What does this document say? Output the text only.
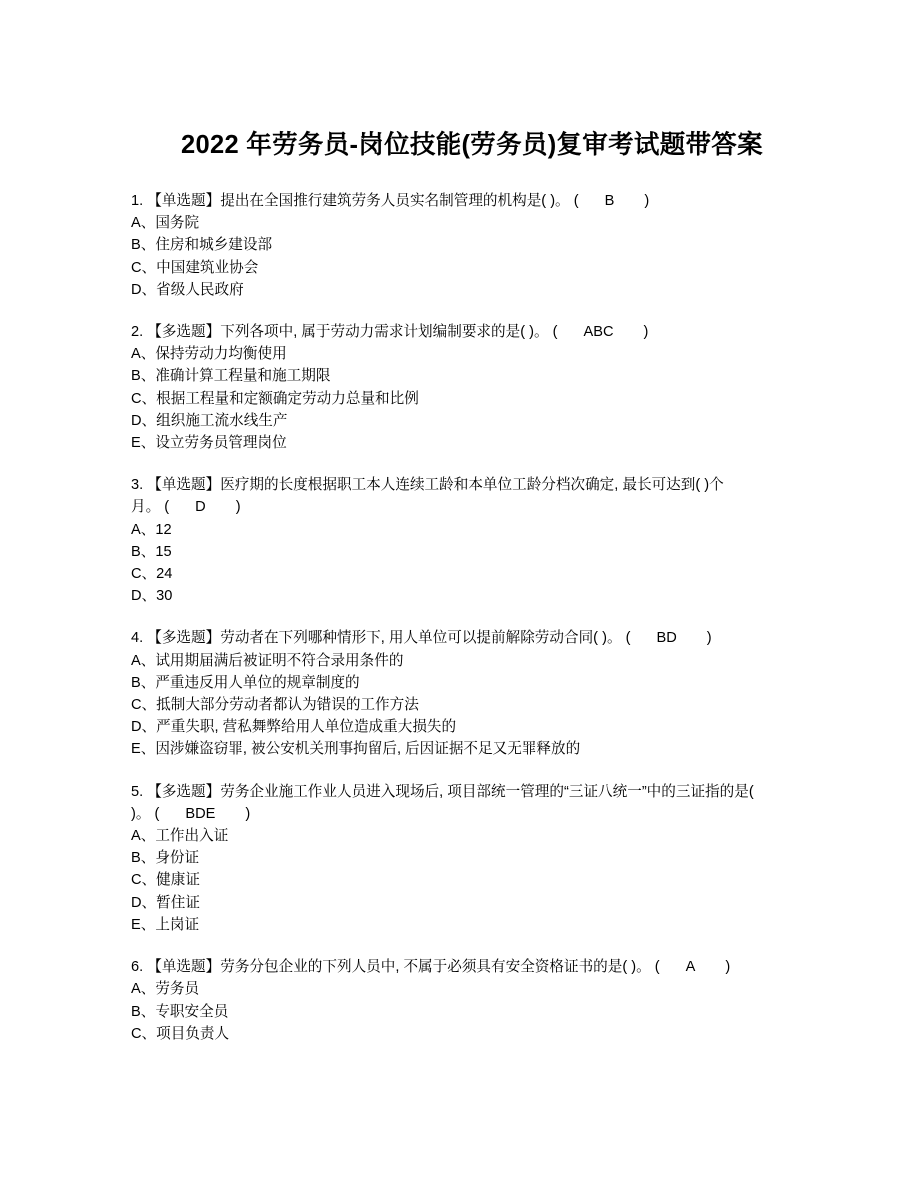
2022 年劳务员-岗位技能(劳务员)复审考试题带答案
1. 【单选题】提出在全国推行建筑劳务人员实名制管理的机构是( )。 ( B )
A、国务院
B、住房和城乡建设部
C、中国建筑业协会
D、省级人民政府
2. 【多选题】下列各项中, 属于劳动力需求计划编制要求的是( )。 ( ABC )
A、保持劳动力均衡使用
B、准确计算工程量和施工期限
C、根据工程量和定额确定劳动力总量和比例
D、组织施工流水线生产
E、设立劳务员管理岗位
3. 【单选题】医疗期的长度根据职工本人连续工龄和本单位工龄分档次确定, 最长可达到( )个月。 ( D )
A、12
B、15
C、24
D、30
4. 【多选题】劳动者在下列哪种情形下, 用人单位可以提前解除劳动合同( )。 ( BD )
A、试用期届满后被证明不符合录用条件的
B、严重违反用人单位的规章制度的
C、抵制大部分劳动者都认为错误的工作方法
D、严重失职, 营私舞弊给用人单位造成重大损失的
E、因涉嫌盗窃罪, 被公安机关刑事拘留后, 后因证据不足又无罪释放的
5. 【多选题】劳务企业施工作业人员进入现场后, 项目部统一管理的“三证八统一”中的三证指的是( )。 ( BDE )
A、工作出入证
B、身份证
C、健康证
D、暂住证
E、上岗证
6. 【单选题】劳务分包企业的下列人员中, 不属于必须具有安全资格证书的是( )。 ( A )
A、劳务员
B、专职安全员
C、项目负责人
